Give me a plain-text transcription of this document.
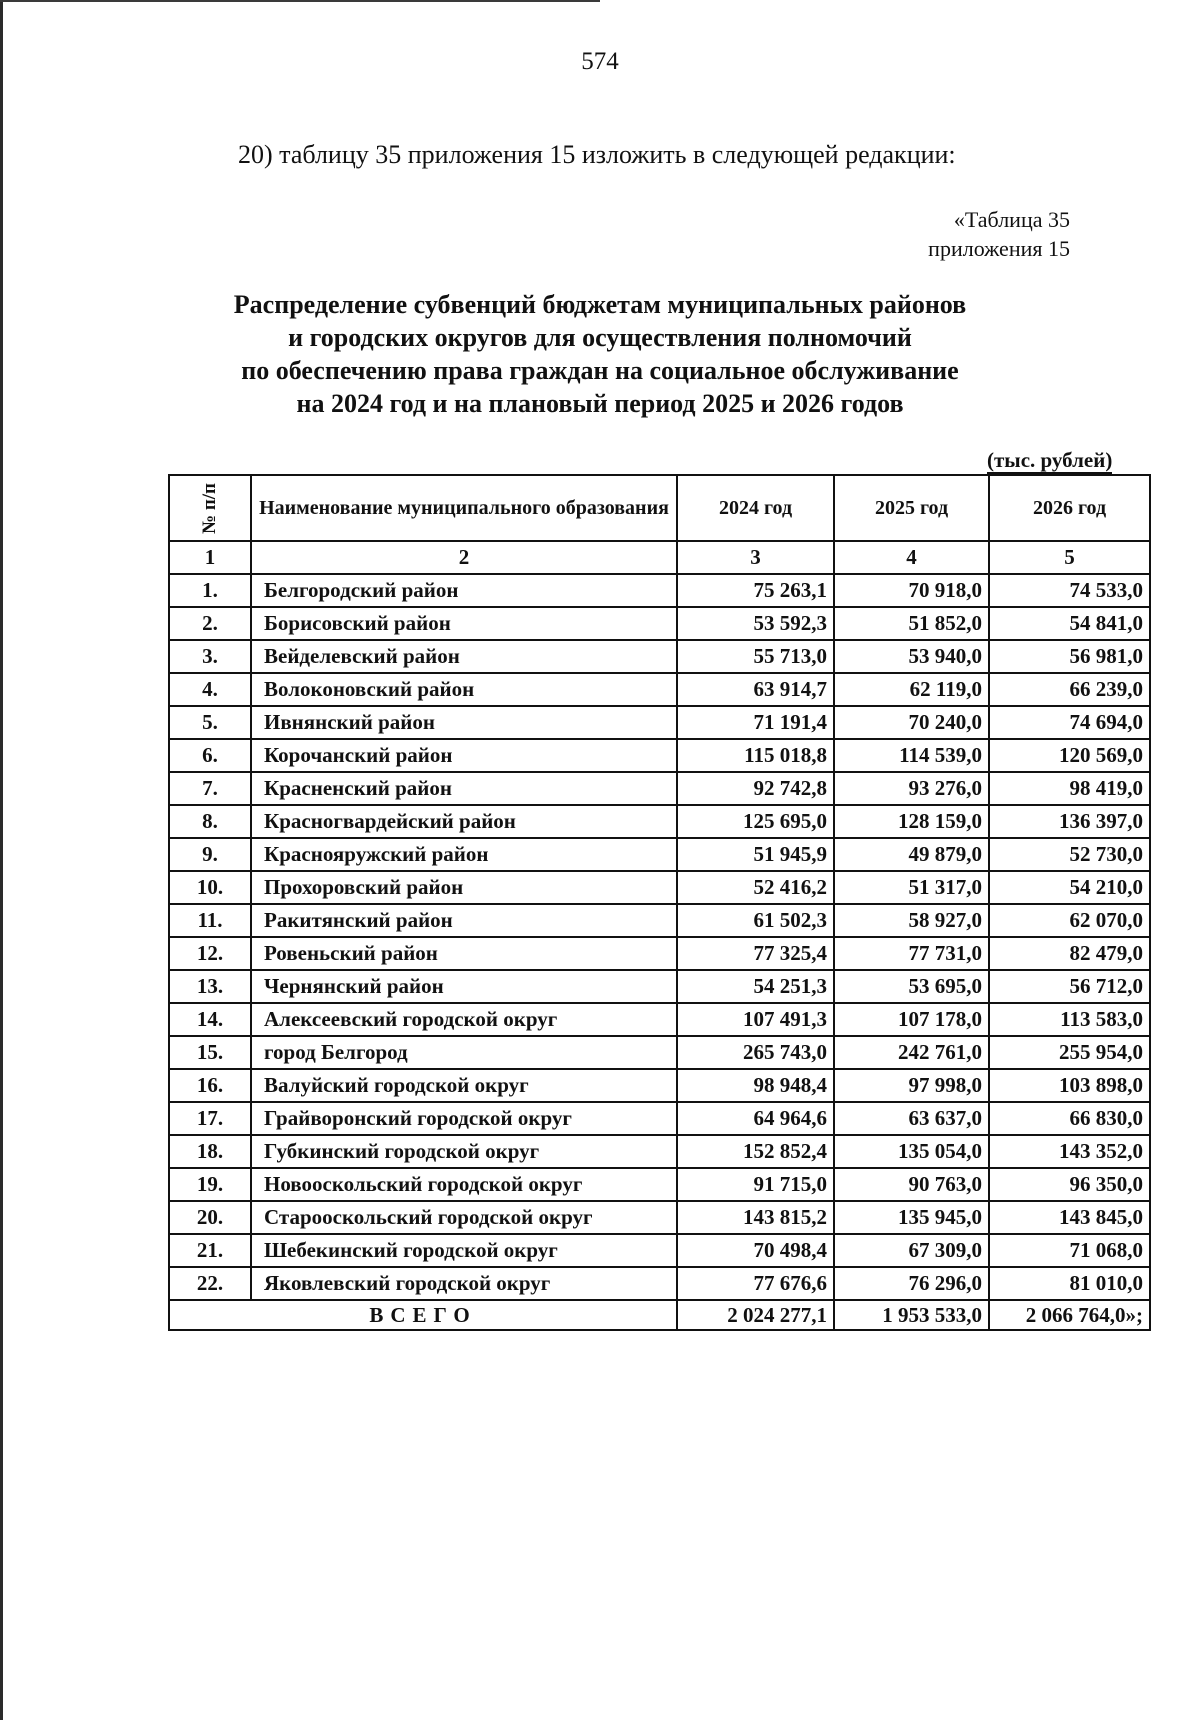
574
20) таблицу 35 приложения 15 изложить в следующей редакции:
«Таблица 35
приложения 15
Распределение субвенций бюджетам муниципальных районов
и городских округов для осуществления полномочий
по обеспечению права граждан на социальное обслуживание
на 2024 год и на плановый период 2025 и 2026 годов
(тыс. рублей)
№ п/п	Наименование муниципального образования	2024 год	2025 год	2026 год
1	2	3	4	5
1.	Белгородский район	75 263,1	70 918,0	74 533,0
2.	Борисовский район	53 592,3	51 852,0	54 841,0
3.	Вейделевский район	55 713,0	53 940,0	56 981,0
4.	Волоконовский район	63 914,7	62 119,0	66 239,0
5.	Ивнянский район	71 191,4	70 240,0	74 694,0
6.	Корочанский район	115 018,8	114 539,0	120 569,0
7.	Красненский район	92 742,8	93 276,0	98 419,0
8.	Красногвардейский район	125 695,0	128 159,0	136 397,0
9.	Краснояружский район	51 945,9	49 879,0	52 730,0
10.	Прохоровский район	52 416,2	51 317,0	54 210,0
11.	Ракитянский район	61 502,3	58 927,0	62 070,0
12.	Ровеньский район	77 325,4	77 731,0	82 479,0
13.	Чернянский район	54 251,3	53 695,0	56 712,0
14.	Алексеевский городской округ	107 491,3	107 178,0	113 583,0
15.	город Белгород	265 743,0	242 761,0	255 954,0
16.	Валуйский городской округ	98 948,4	97 998,0	103 898,0
17.	Грайворонский городской округ	64 964,6	63 637,0	66 830,0
18.	Губкинский городской округ	152 852,4	135 054,0	143 352,0
19.	Новооскольский городской округ	91 715,0	90 763,0	96 350,0
20.	Старооскольский городской округ	143 815,2	135 945,0	143 845,0
21.	Шебекинский городской округ	70 498,4	67 309,0	71 068,0
22.	Яковлевский городской округ	77 676,6	76 296,0	81 010,0
ВСЕГО		2 024 277,1	1 953 533,0	2 066 764,0»;
